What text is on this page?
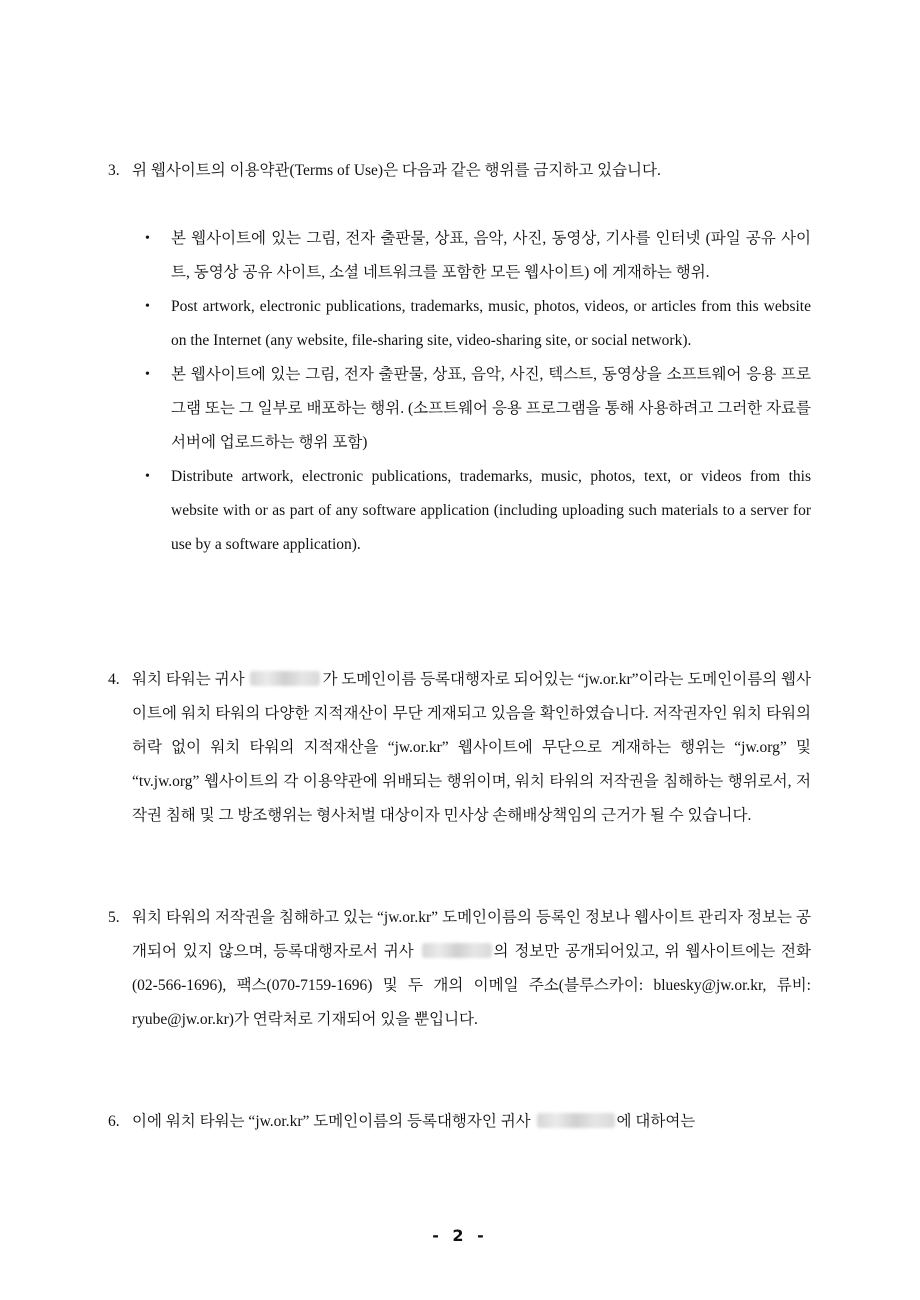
3. 위 웹사이트의 이용약관(Terms of Use)은 다음과 같은 행위를 금지하고 있습니다.
• 본 웹사이트에 있는 그림, 전자 출판물, 상표, 음악, 사진, 동영상, 기사를 인터넷 (파일 공유 사이트, 동영상 공유 사이트, 소셜 네트워크를 포함한 모든 웹사이트) 에 게재하는 행위.
• Post artwork, electronic publications, trademarks, music, photos, videos, or articles from this website on the Internet (any website, file-sharing site, video-sharing site, or social network).
• 본 웹사이트에 있는 그림, 전자 출판물, 상표, 음악, 사진, 텍스트, 동영상을 소프트웨어 응용 프로그램 또는 그 일부로 배포하는 행위. (소프트웨어 응용 프로그램을 통해 사용하려고 그러한 자료를 서버에 업로드하는 행위 포함)
• Distribute artwork, electronic publications, trademarks, music, photos, text, or videos from this website with or as part of any software application (including uploading such materials to a server for use by a software application).
4. 워치 타워는 귀사	가 도메인이름 등록대행자로 되어있는 “jw.or.kr”이라는 도메인이름의 웹사이트에 워치 타워의 다양한 지적재산이 무단 게재되고 있음을 확인하였습니다. 저작권자인 워치 타워의 허락 없이 워치 타워의 지적재산을 “jw.or.kr” 웹사이트에 무단으로 게재하는 행위는 “jw.org” 및 “tv.jw.org” 웹사이트의 각 이용약관에 위배되는 행위이며, 워치 타워의 저작권을 침해하는 행위로서, 저작권 침해 및 그 방조행위는 형사처벌 대상이자 민사상 손해배상책임의 근거가 될 수 있습니다.
5. 워치 타워의 저작권을 침해하고 있는 “jw.or.kr” 도메인이름의 등록인 정보나 웹사이트 관리자 정보는 공개되어 있지 않으며, 등록대행자로서 귀사	의 정보만 공개되어있고, 위 웹사이트에는 전화(02-566-1696), 팩스(070-7159-1696) 및 두 개의 이메일 주소(블루스카이: bluesky@jw.or.kr, 류비: ryube@jw.or.kr)가 연락처로 기재되어 있을 뿐입니다.
6. 이에 워치 타워는 “jw.or.kr” 도메인이름의 등록대행자인 귀사	에 대하여는
- 2 -
